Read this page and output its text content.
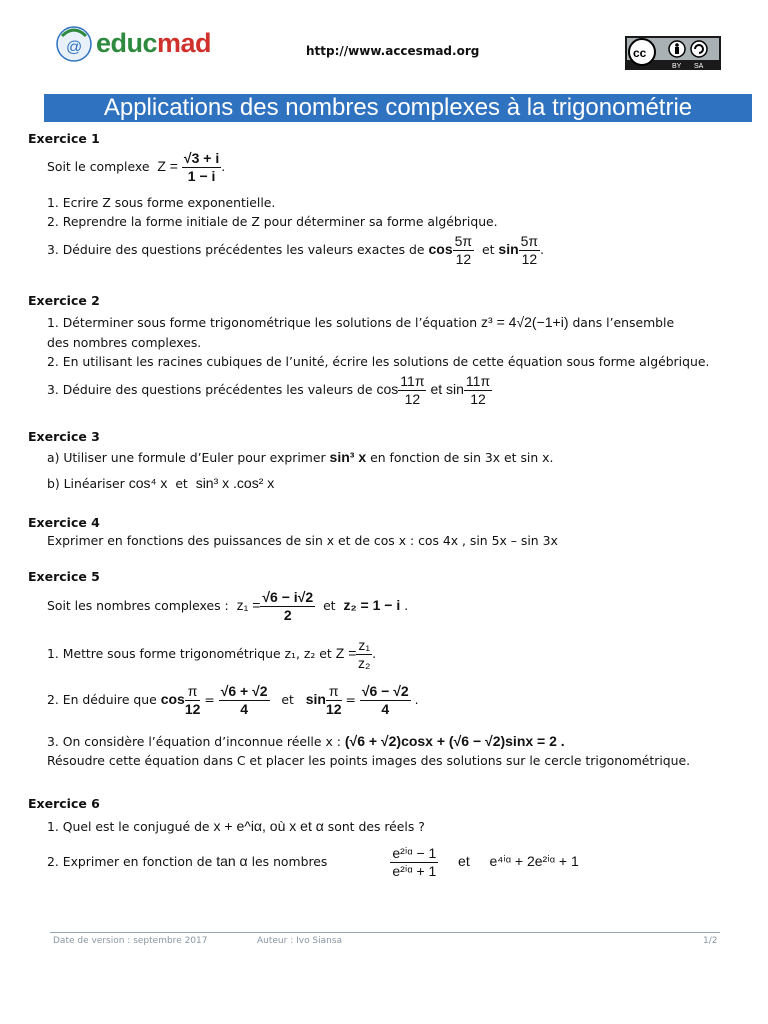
@ educmad	http://www.accesmad.org	cc
BY SA
Applications des nombres complexes à la trigonométrie
Exercice 1
Soit le complexe $Z = \frac{√3 + i}{1 - i}$ .
1. Ecrire Z sous forme exponentielle.
2. Reprendre la forme initiale de Z pour déterminer sa forme algébrique.
3. Déduire des questions précédentes les valeurs exactes de $\cos \frac{5\pi}{12}$ et $\sin \frac{5\pi}{12}$ .
Exercice 2
1. Déterminer sous forme trigonométrique les solutions de l’équation z³ = 4√2(−1+i) dans l’ensemble
des nombres complexes.
2. En utilisant les racines cubiques de l’unité, écrire les solutions de cette équation sous forme algébrique.
3. Déduire des questions précédentes les valeurs de $\cos \frac{11\pi}{12}$ et $\sin \frac{11\pi}{12}$
Exercice 3
a) Utiliser une formule d’Euler pour exprimer sin³ x en fonction de sin 3x et sin x.
b) Linéariser cos⁴ x et sin³ x .cos² x
Exercice 4
Exprimer en fonctions des puissances de sin x et de cos x : cos 4x , sin 5x – sin 3x
Exercice 5
Soit les nombres complexes : $z_1 = \frac{√6 - i√2}{2}$ et z₂ = 1 − i .
1. Mettre sous forme trigonométrique z₁, z₂ et $Z = \frac{\text{z₁}}{\text{z₂}}$ .
2. En déduire que $\cos \frac{\pi}{12} = \frac{√6 + √2}{4}$ et $\sin \frac{\pi}{12} = \frac{√6 - √2}{4}$ .
3. On considère l’équation d’inconnue réelle x : (√6 + √2)cosx + (√6 − √2)sinx = 2 .
Résoudre cette équation dans C et placer les points images des solutions sur le cercle trigonométrique.
Exercice 6
1. Quel est le conjugué de x + e^iα, où x et α sont des réels ?
2. Exprimer en fonction de tan α les nombres	$\frac{\text{e²ⁱᵅ − 1}}{\text{e²ⁱᵅ + 1}}$ et e⁴ⁱᵅ + 2e²ⁱᵅ + 1
Date de version : septembre 2017	Auteur : Ivo Siansa	1/2
